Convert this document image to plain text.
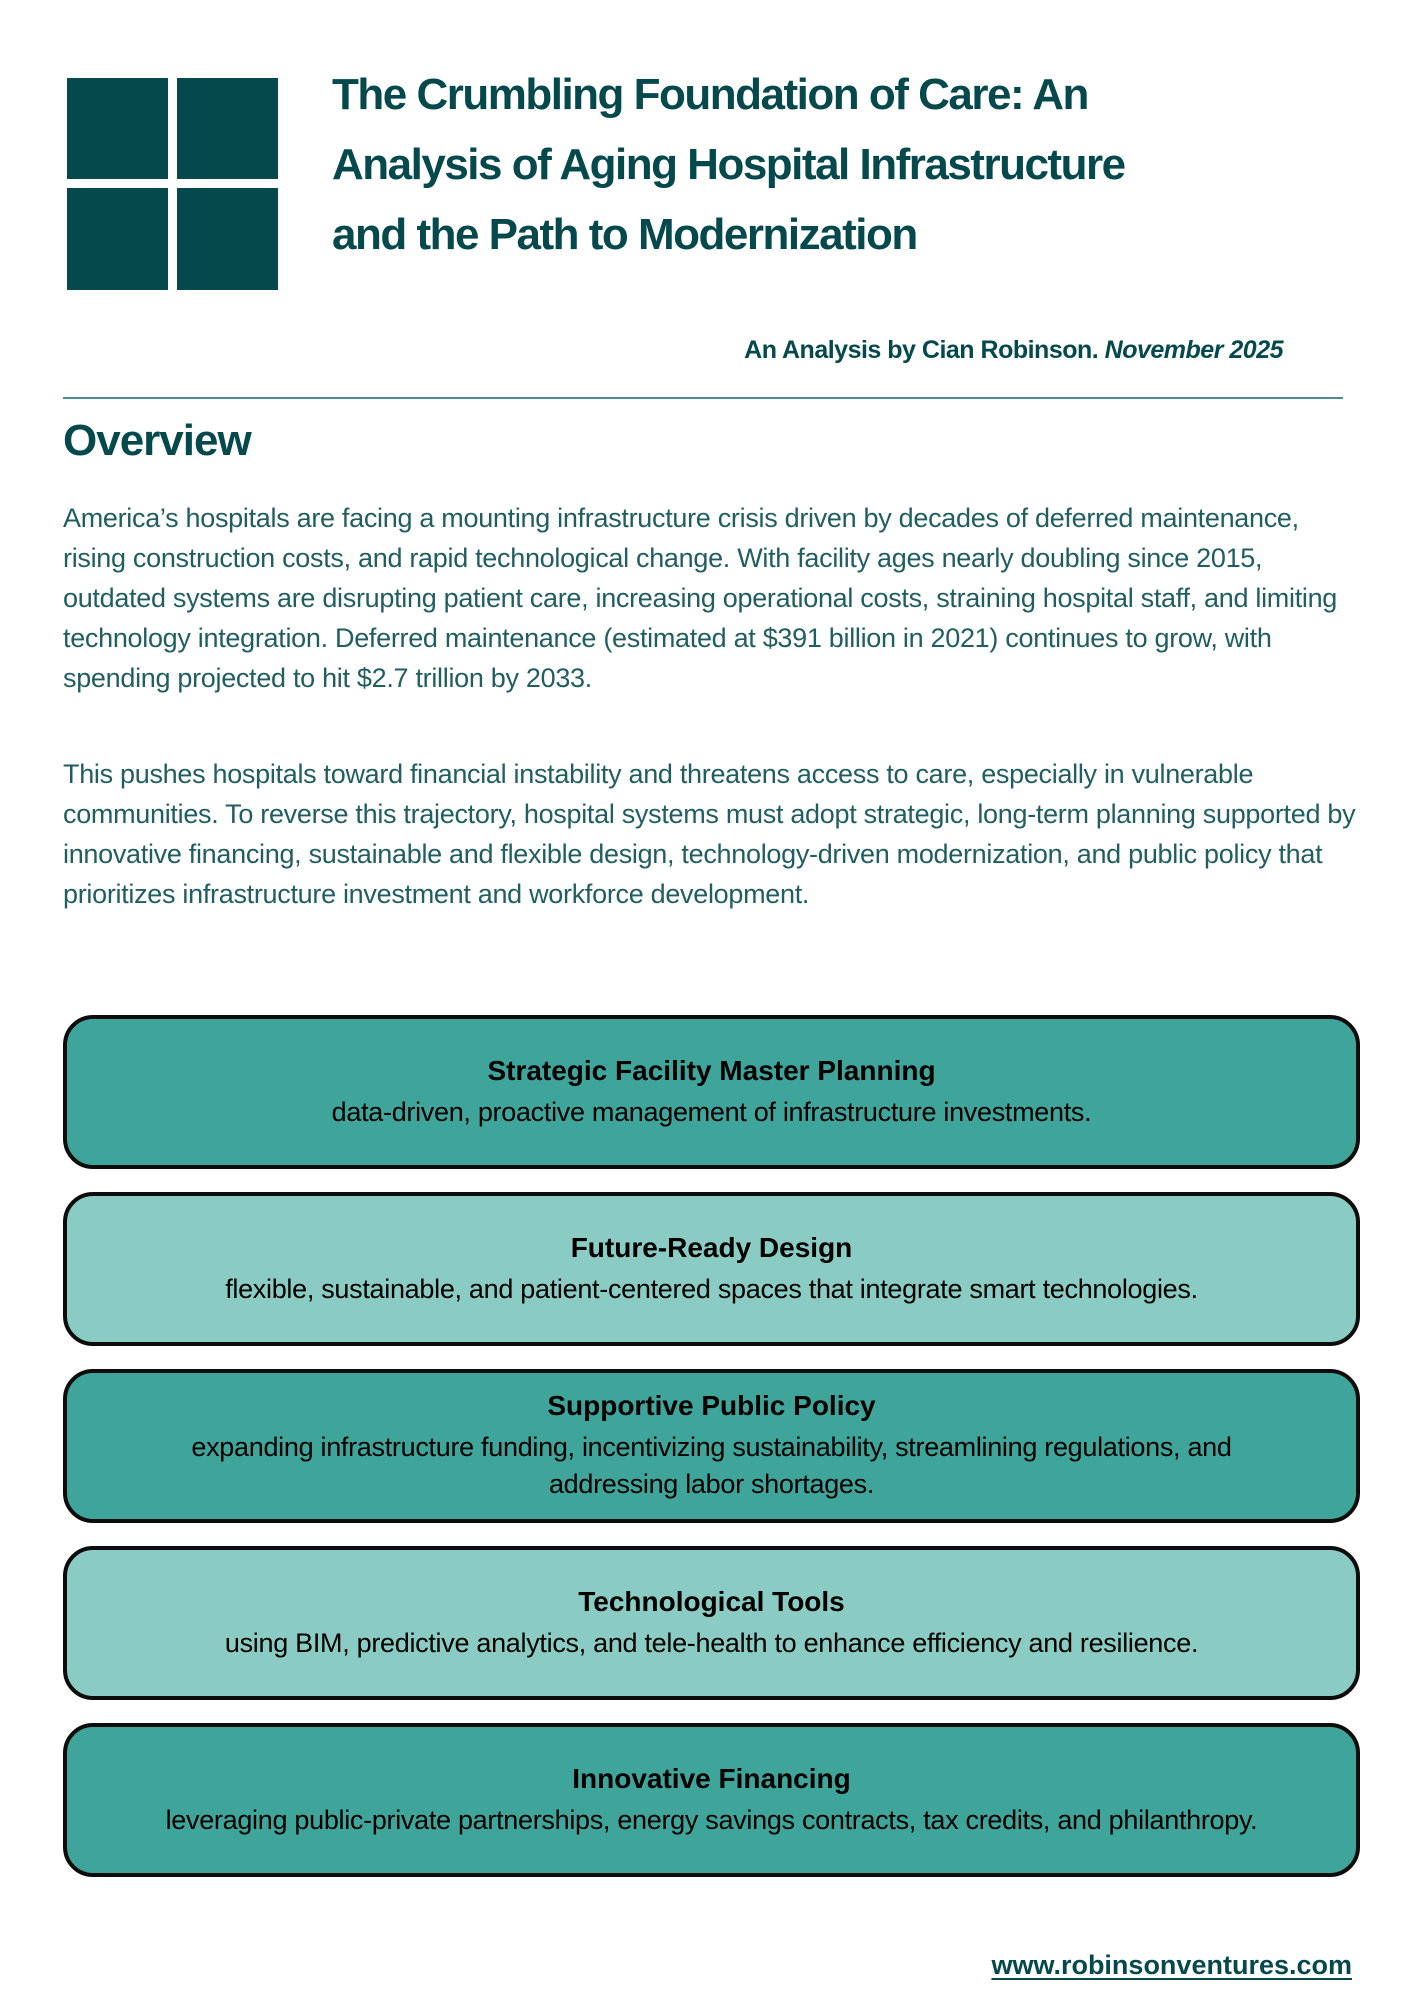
The Crumbling Foundation of Care: An
Analysis of Aging Hospital Infrastructure
and the Path to Modernization
An Analysis by Cian Robinson. November 2025
Overview

America’s hospitals are facing a mounting infrastructure crisis driven by decades of deferred maintenance, rising construction costs, and rapid technological change. With facility ages nearly doubling since 2015, outdated systems are disrupting patient care, increasing operational costs, straining hospital staff, and limiting technology integration. Deferred maintenance (estimated at $391 billion in 2021) continues to grow, with spending projected to hit $2.7 trillion by 2033.

This pushes hospitals toward financial instability and threatens access to care, especially in vulnerable communities. To reverse this trajectory, hospital systems must adopt strategic, long-term planning supported by innovative financing, sustainable and flexible design, technology-driven modernization, and public policy that prioritizes infrastructure investment and workforce development.

Strategic Facility Master Planning
data-driven, proactive management of infrastructure investments.
Future-Ready Design
flexible, sustainable, and patient-centered spaces that integrate smart technologies.
Supportive Public Policy
expanding infrastructure funding, incentivizing sustainability, streamlining regulations, and addressing labor shortages.
Technological Tools
using BIM, predictive analytics, and tele-health to enhance efficiency and resilience.
Innovative Financing
leveraging public-private partnerships, energy savings contracts, tax credits, and philanthropy.
www.robinsonventures.com
